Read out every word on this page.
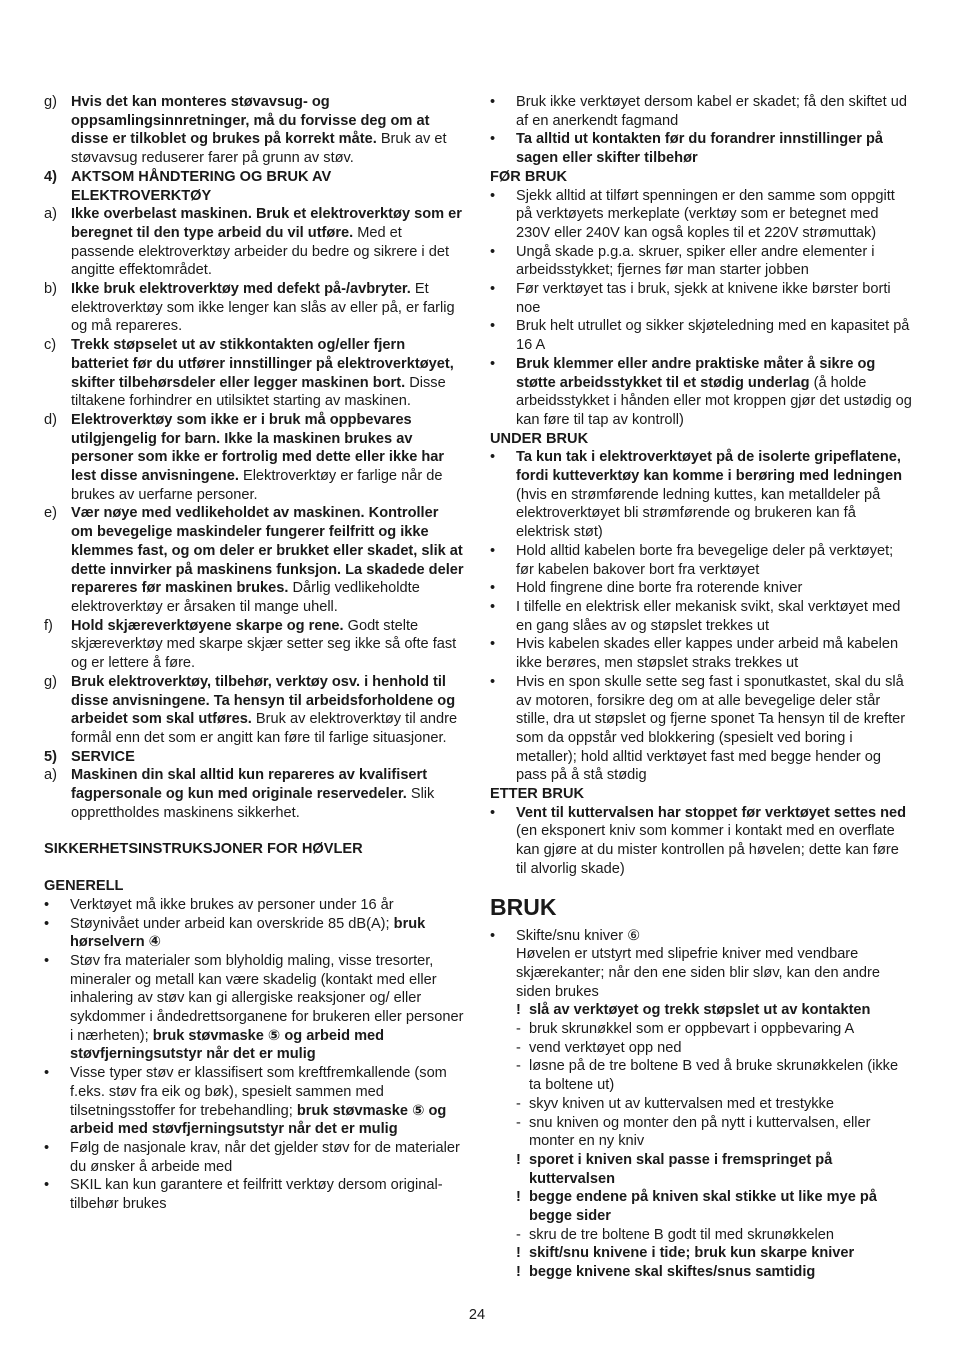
g) Hvis det kan monteres støvavsug- og oppsamlingsinnretninger, må du forvisse deg om at disse er tilkoblet og brukes på korrekt måte. Bruk av et støvavsug reduserer farer på grunn av støv.
4) AKTSOM HÅNDTERING OG BRUK AV ELEKTROVERKTØY
a) Ikke overbelast maskinen. Bruk et elektroverktøy som er beregnet til den type arbeid du vil utføre. Med et passende elektroverktøy arbeider du bedre og sikrere i det angitte effektområdet.
b) Ikke bruk elektroverktøy med defekt på-/avbryter. Et elektroverktøy som ikke lenger kan slås av eller på, er farlig og må repareres.
c)	Trekk støpselet ut av stikkontakten og/eller fjern batteriet før du utfører innstillinger på elektroverktøyet, skifter tilbehørsdeler eller legger maskinen bort. Disse tiltakene forhindrer en utilsiktet starting av maskinen.
d) Elektroverktøy som ikke er i bruk må oppbevares utilgjengelig for barn. Ikke la maskinen brukes av personer som ikke er fortrolig med dette eller ikke har lest disse anvisningene. Elektroverktøy er farlige når de brukes av uerfarne personer.
e) Vær nøye med vedlikeholdet av maskinen. Kontroller om bevegelige maskindeler fungerer feilfritt og ikke klemmes fast, og om deler er brukket eller skadet, slik at dette innvirker på maskinens funksjon. La skadede deler repareres før maskinen brukes. Dårlig vedlikeholdte elektroverktøy er årsaken til mange uhell.
f)	Hold skjæreverktøyene skarpe og rene. Godt stelte skjæreverktøy med skarpe skjær setter seg ikke så ofte fast og er lettere å føre.
g) Bruk elektroverktøy, tilbehør, verktøy osv. i henhold til disse anvisningene. Ta hensyn til arbeidsforholdene og arbeidet som skal utføres. Bruk av elektroverktøy til andre formål enn det som er angitt kan føre til farlige situasjoner.
5) SERVICE
a) Maskinen din skal alltid kun repareres av kvalifisert fagpersonale og kun med originale reservedeler. Slik opprettholdes maskinens sikkerhet.
SIKKERHETSINSTRUKSJONER FOR HØVLER
GENERELL
•	Verktøyet må ikke brukes av personer under 16 år
•	Støynivået under arbeid kan overskride 85 dB(A); bruk hørselvern ④
•	Støv fra materialer som blyholdig maling, visse tresorter, mineraler og metall kan være skadelig (kontakt med eller inhalering av støv kan gi allergiske reaksjoner og/ eller sykdommer i åndedrettsorganene for brukeren eller personer i nærheten); bruk støvmaske ⑤ og arbeid med støvfjerningsutstyr når det er mulig
•	Visse typer støv er klassifisert som kreftfremkallende (som f.eks. støv fra eik og bøk), spesielt sammen med tilsetningsstoffer for trebehandling; bruk støvmaske ⑤ og arbeid med støvfjerningsutstyr når det er mulig
•	Følg de nasjonale krav, når det gjelder støv for de materialer du ønsker å arbeide med
•	SKIL kan kun garantere et feilfritt verktøy dersom original-tilbehør brukes
•	Bruk ikke verktøyet dersom kabel er skadet; få den skiftet ud af en anerkendt fagmand
•	Ta alltid ut kontakten før du forandrer innstillinger på sagen eller skifter tilbehør
FØR BRUK
•	Sjekk alltid at tilført spenningen er den samme som oppgitt på verktøyets merkeplate (verktøy som er betegnet med 230V eller 240V kan også koples til et 220V strømuttak)
•	Ungå skade p.g.a. skruer, spiker eller andre elementer i arbeidsstykket; fjernes før man starter jobben
•	Før verktøyet tas i bruk, sjekk at knivene ikke børster borti noe
•	Bruk helt utrullet og sikker skjøteledning med en kapasitet på 16 A
•	Bruk klemmer eller andre praktiske måter å sikre og støtte arbeidsstykket til et stødig underlag (å holde arbeidsstykket i hånden eller mot kroppen gjør det ustødig og kan føre til tap av kontroll)
UNDER BRUK
•	Ta kun tak i elektroverktøyet på de isolerte gripeflatene, fordi kutteverktøy kan komme i berøring med ledningen (hvis en strømførende ledning kuttes, kan metalldeler på elektroverktøyet bli strømførende og brukeren kan få elektrisk støt)
•	Hold alltid kabelen borte fra bevegelige deler på verktøyet; før kabelen bakover bort fra verktøyet
•	Hold fingrene dine borte fra roterende kniver
•	I tilfelle en elektrisk eller mekanisk svikt, skal verktøyet med en gang slåes av og støpslet trekkes ut
•	Hvis kabelen skades eller kappes under arbeid må kabelen ikke berøres, men støpslet straks trekkes ut
•	Hvis en spon skulle sette seg fast i sponutkastet, skal du slå av motoren, forsikre deg om at alle bevegelige deler står stille, dra ut støpslet og fjerne sponet Ta hensyn til de krefter som da oppstår ved blokkering (spesielt ved boring i metaller); hold alltid verktøyet fast med begge hender og pass på å stå stødig
ETTER BRUK
•	Vent til kuttervalsen har stoppet før verktøyet settes ned (en eksponert kniv som kommer i kontakt med en overflate kan gjøre at du mister kontrollen på høvelen; dette kan føre til alvorlig skade)
BRUK
•	Skifte/snu kniver ⑥
Høvelen er utstyrt med slipefrie kniver med vendbare skjærekanter; når den ene siden blir sløv, kan den andre siden brukes
! slå av verktøyet og trekk støpslet ut av kontakten
- bruk skrunøkkel som er oppbevart i oppbevaring A
- vend verktøyet opp ned
- løsne på de tre boltene B ved å bruke skrunøkkelen (ikke ta boltene ut)
- skyv kniven ut av kuttervalsen med et trestykke
- snu kniven og monter den på nytt i kuttervalsen, eller monter en ny kniv
! sporet i kniven skal passe i fremspringet på kuttervalsen
! begge endene på kniven skal stikke ut like mye på begge sider
- skru de tre boltene B godt til med skrunøkkelen
! skift/snu knivene i tide; bruk kun skarpe kniver
! begge knivene skal skiftes/snus samtidig
24
